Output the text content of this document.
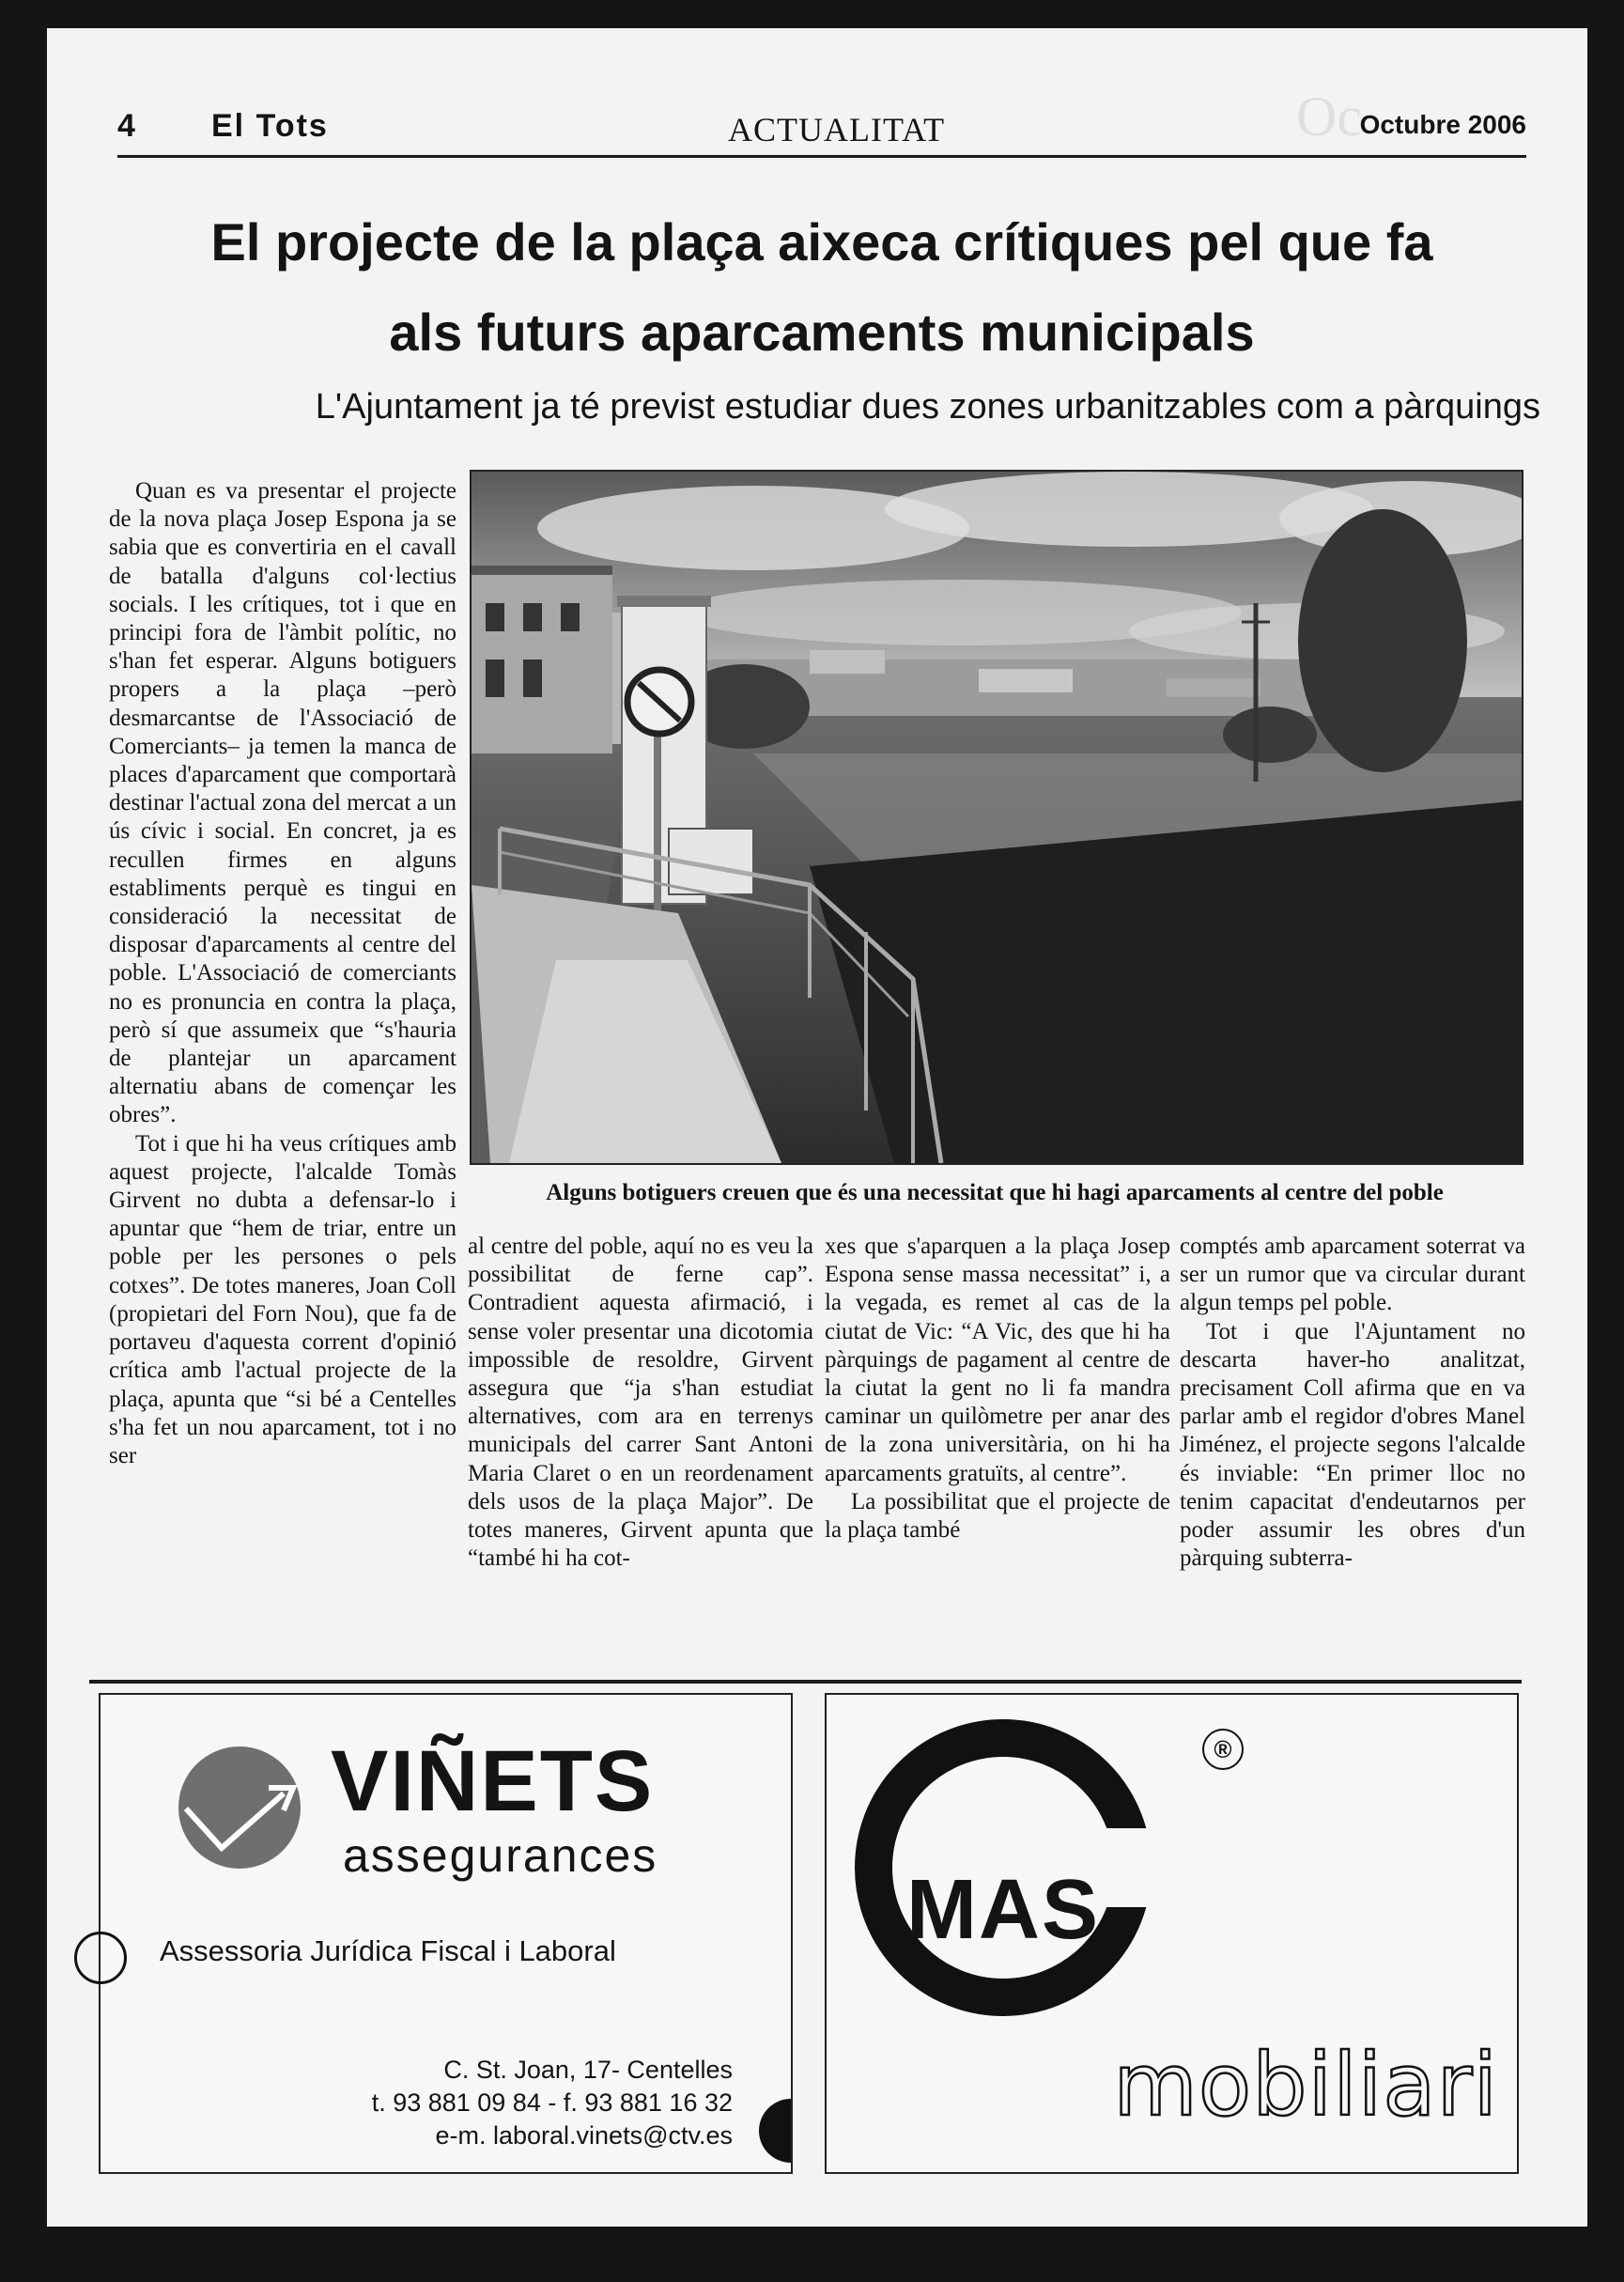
Oc
4 El Tots	ACTUALITAT	Octubre 2006
El projecte de la plaça aixeca crítiques pel que fa
als futurs aparcaments municipals
L'Ajuntament ja té previst estudiar dues zones urbanitzables com a pàrquings

Quan es va presentar el projecte de la nova plaça Josep Espona ja se sabia que es convertiria en el cavall de batalla d'alguns col·lectius socials. I les crítiques, tot i que en principi fora de l'àmbit polític, no s'han fet esperar. Alguns botiguers propers a la plaça –però desmarcantse de l'Associació de Comerciants– ja temen la manca de places d'aparcament que comportarà destinar l'actual zona del mercat a un ús cívic i social. En concret, ja es recullen firmes en alguns establiments perquè es tingui en consideració la necessitat de disposar d'aparcaments al centre del poble. L'Associació de comerciants no es pronuncia en contra la plaça, però sí que assumeix que “s'hauria de plantejar un aparcament alternatiu abans de començar les obres”.

Tot i que hi ha veus crítiques amb aquest projecte, l'alcalde Tomàs Girvent no dubta a defensar-lo i apuntar que “hem de triar, entre un poble per les persones o pels cotxes”. De totes maneres, Joan Coll (propietari del Forn Nou), que fa de portaveu d'aquesta corrent d'opinió crítica amb l'actual projecte de la plaça, apunta que “si bé a Centelles s'ha fet un nou aparcament, tot i no ser

Alguns botiguers creuen que és una necessitat que hi hagi aparcaments al centre del poble

al centre del poble, aquí no es veu la possibilitat de ferne cap”. Contradient aquesta afirmació, i sense voler presentar una dicotomia impossible de resoldre, Girvent assegura que “ja s'han estudiat alternatives, com ara en terrenys municipals del carrer Sant Antoni Maria Claret o en un reordenament dels usos de la plaça Major”. De totes maneres, Girvent apunta que “també hi ha cot-

xes que s'aparquen a la plaça Josep Espona sense massa necessitat” i, a la vegada, es remet al cas de la ciutat de Vic: “A Vic, des que hi ha pàrquings de pagament al centre de la ciutat la gent no li fa mandra caminar un quilòmetre per anar des de la zona universitària, on hi ha aparcaments gratuïts, al centre”.

La possibilitat que el projecte de la plaça també

comptés amb aparcament soterrat va ser un rumor que va circular durant algun temps pel poble.

Tot i que l'Ajuntament no descarta haver-ho analitzat, precisament Coll afirma que en va parlar amb el regidor d'obres Manel Jiménez, el projecte segons l'alcalde és inviable: “En primer lloc no tenim capacitat d'endeutarnos per poder assumir les obres d'un pàrquing subterra-

VIÑETS
assegurances
Assessoria Jurídica Fiscal i Laboral
C. St. Joan, 17- Centelles
t. 93 881 09 84 - f. 93 881 16 32
e-m. laboral.vinets@ctv.es
MAS
®
mobiliari
